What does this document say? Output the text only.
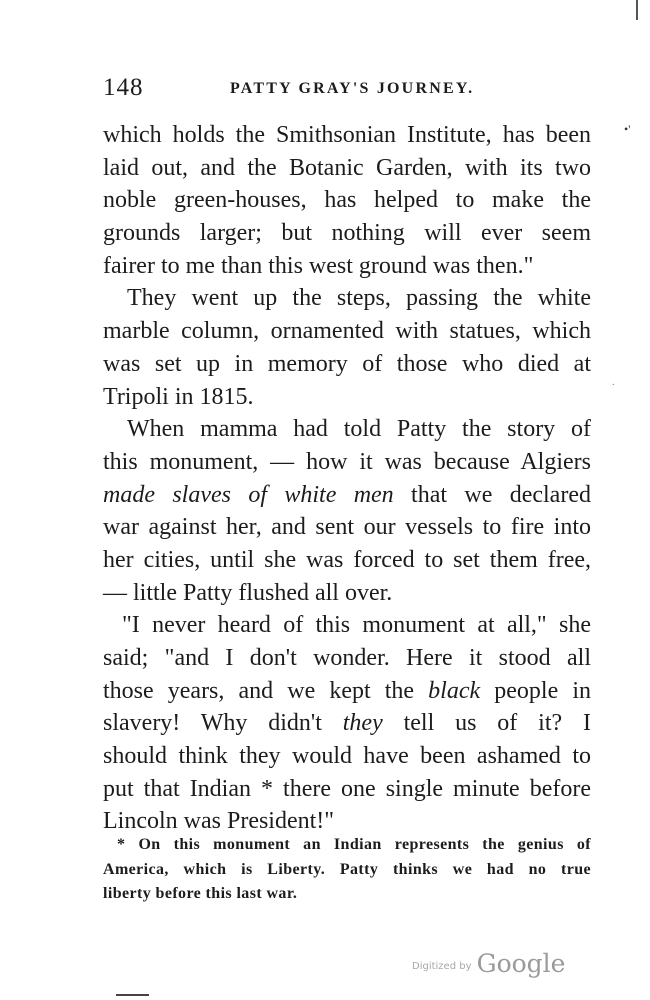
148	PATTY GRAY'S JOURNEY.
•'
.
which holds the Smithsonian Institute, has been
laid out, and the Botanic Garden, with its two
noble green-houses, has helped to make the
grounds larger; but nothing will ever seem
fairer to me than this west ground was then."
They went up the steps, passing the white
marble column, ornamented with statues, which
was set up in memory of those who died at
Tripoli in 1815.
When mamma had told Patty the story of
this monument, — how it was because Algiers
made slaves of white men that we declared
war against her, and sent our vessels to fire into
her cities, until she was forced to set them free,
— little Patty flushed all over.
"I never heard of this monument at all," she
said; "and I don't wonder. Here it stood all
those years, and we kept the black people in
slavery! Why didn't they tell us of it? I
should think they would have been ashamed to
put that Indian * there one single minute before
Lincoln was President!"
* On this monument an Indian represents the genius of
America, which is Liberty. Patty thinks we had no true
liberty before this last war.
Digitized by Google
